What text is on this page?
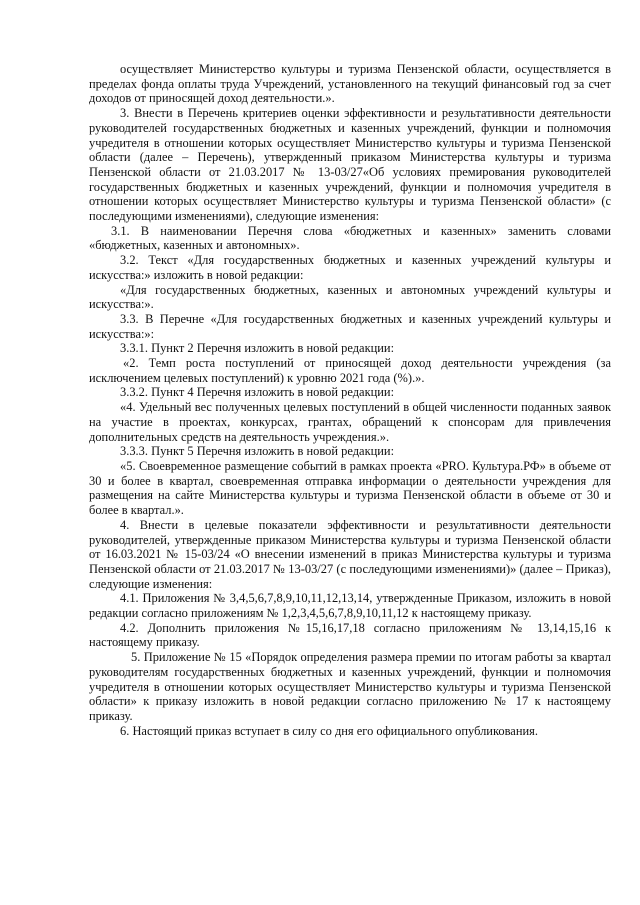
осуществляет Министерство культуры и туризма Пензенской области, осуществляется в пределах фонда оплаты труда Учреждений, установленного на текущий финансовый год за счет доходов от приносящей доход деятельности.».

3. Внести в Перечень критериев оценки эффективности и результативности деятельности руководителей государственных бюджетных и казенных учреждений, функции и полномочия учредителя в отношении которых осуществляет Министерство культуры и туризма Пензенской области (далее – Перечень), утвержденный приказом Министерства культуры и туризма Пензенской области от 21.03.2017 № 13-03/27«Об условиях премирования руководителей государственных бюджетных и казенных учреждений, функции и полномочия учредителя в отношении которых осуществляет Министерство культуры и туризма Пензенской области» (с последующими изменениями), следующие изменения:

3.1. В наименовании Перечня слова «бюджетных и казенных» заменить словами «бюджетных, казенных и автономных».

3.2. Текст «Для государственных бюджетных и казенных учреждений культуры и искусства:» изложить в новой редакции:

«Для государственных бюджетных, казенных и автономных учреждений культуры и искусства:».

3.3. В Перечне «Для государственных бюджетных и казенных учреждений культуры и искусства:»:

3.3.1. Пункт 2 Перечня изложить в новой редакции:

«2. Темп роста поступлений от приносящей доход деятельности учреждения (за исключением целевых поступлений) к уровню 2021 года (%).».

3.3.2. Пункт 4 Перечня изложить в новой редакции:

«4. Удельный вес полученных целевых поступлений в общей численности поданных заявок на участие в проектах, конкурсах, грантах, обращений к спонсорам для привлечения дополнительных средств на деятельность учреждения.».

3.3.3. Пункт 5 Перечня изложить в новой редакции:

«5. Своевременное размещение событий в рамках проекта «PRO. Культура.РФ» в объеме от 30 и более в квартал, своевременная отправка информации о деятельности учреждения для размещения на сайте Министерства культуры и туризма Пензенской области в объеме от 30 и более в квартал.».

4. Внести в целевые показатели эффективности и результативности деятельности руководителей, утвержденные приказом Министерства культуры и туризма Пензенской области от 16.03.2021 № 15-03/24 «О внесении изменений в приказ Министерства культуры и туризма Пензенской области от 21.03.2017 № 13-03/27 (с последующими изменениями)» (далее – Приказ), следующие изменения:

4.1. Приложения № 3,4,5,6,7,8,9,10,11,12,13,14, утвержденные Приказом, изложить в новой редакции согласно приложениям № 1,2,3,4,5,6,7,8,9,10,11,12 к настоящему приказу.

4.2. Дополнить приложения №15,16,17,18 согласно приложениям № 13,14,15,16 к настоящему приказу.

5. Приложение № 15 «Порядок определения размера премии по итогам работы за квартал руководителям государственных бюджетных и казенных учреждений, функции и полномочия учредителя в отношении которых осуществляет Министерство культуры и туризма Пензенской области» к приказу изложить в новой редакции согласно приложению № 17 к настоящему приказу.

6. Настоящий приказ вступает в силу со дня его официального опубликования.
